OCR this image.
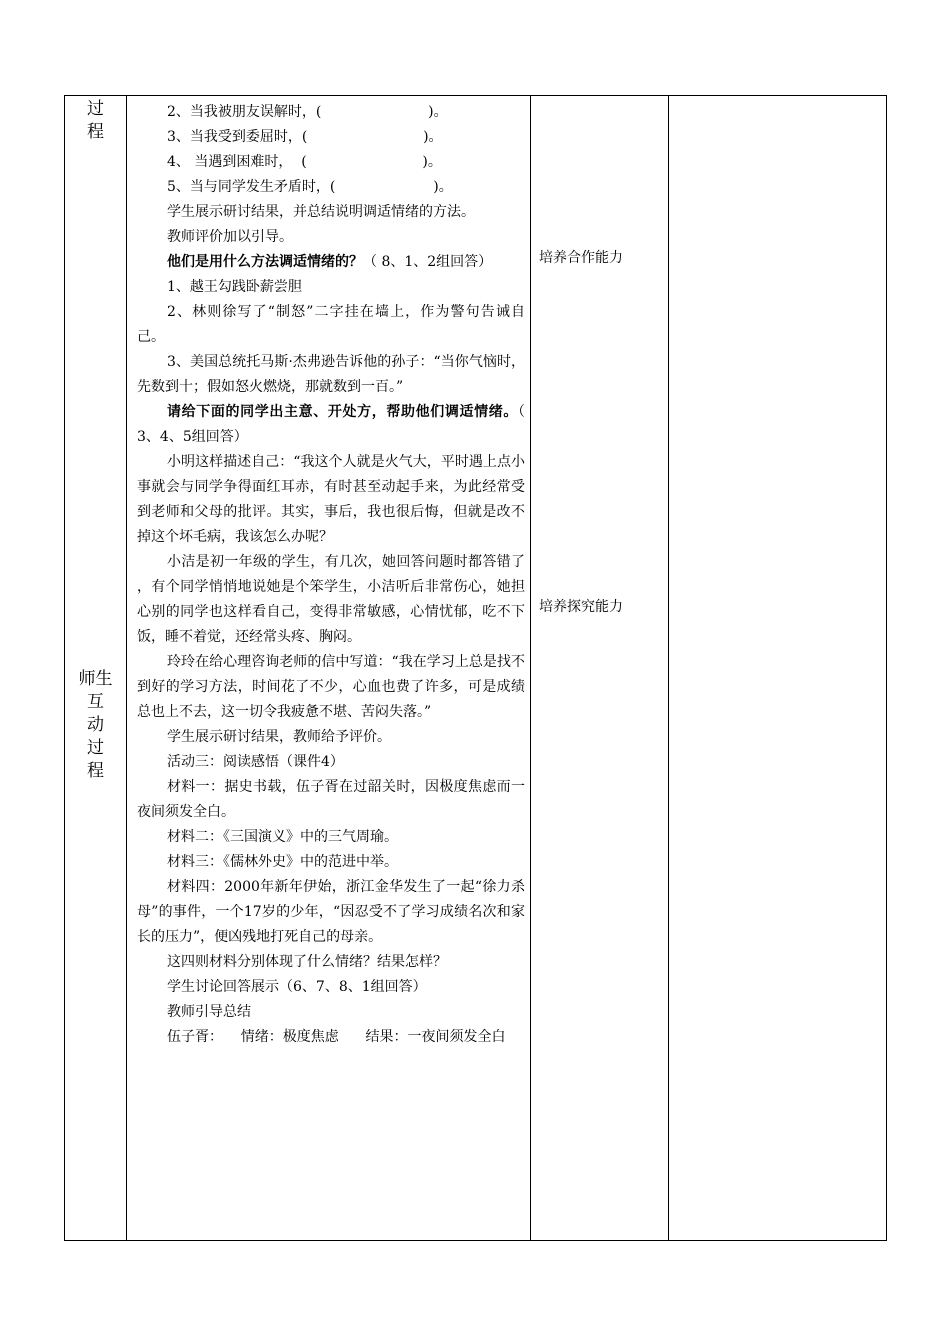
过
程
师生
互
动
过
程

2、当我被朋友误解时，(                        )。

3、当我受到委屈时，(                          )。

4、 当遇到困难时，  (                          )。

5、当与同学发生矛盾时，(                      )。

学生展示研讨结果，并总结说明调适情绪的方法。

教师评价加以引导。

他们是用什么方法调适情绪的？（ 8、1、2组回答）

1、越王勾践卧薪尝胆

2、林则徐写了“制怒”二字挂在墙上，作为警句告诫自己。

3、美国总统托马斯·杰弗逊告诉他的孙子：“当你气恼时，先数到十；假如怒火燃烧，那就数到一百。”

请给下面的同学出主意、开处方，帮助他们调适情绪。（ 3、4、5组回答）

小明这样描述自己：“我这个人就是火气大，平时遇上点小事就会与同学争得面红耳赤，有时甚至动起手来，为此经常受到老师和父母的批评。其实，事后，我也很后悔，但就是改不掉这个坏毛病，我该怎么办呢？

小洁是初一年级的学生，有几次，她回答问题时都答错了 ，有个同学悄悄地说她是个笨学生，小洁听后非常伤心，她担心别的同学也这样看自己，变得非常敏感，心情忧郁，吃不下饭，睡不着觉，还经常头疼、胸闷。

玲玲在给心理咨询老师的信中写道：“我在学习上总是找不到好的学习方法，时间花了不少，心血也费了许多，可是成绩总也上不去，这一切令我疲惫不堪、苦闷失落。”

学生展示研讨结果，教师给予评价。

活动三：阅读感悟（课件4）

材料一：据史书载，伍子胥在过韶关时，因极度焦虑而一夜间须发全白。

材料二：《三国演义》中的三气周瑜。

材料三：《儒林外史》中的范进中举。

材料四：2000年新年伊始，浙江金华发生了一起“徐力杀母”的事件，一个17岁的少年，“因忍受不了学习成绩名次和家长的压力”，便凶残地打死自己的母亲。

这四则材料分别体现了什么情绪？结果怎样？

学生讨论回答展示（6、7、8、1组回答）

教师引导总结

伍子胥：    情绪：极度焦虑      结果：一夜间须发全白

培养合作能力
培养探究能力
